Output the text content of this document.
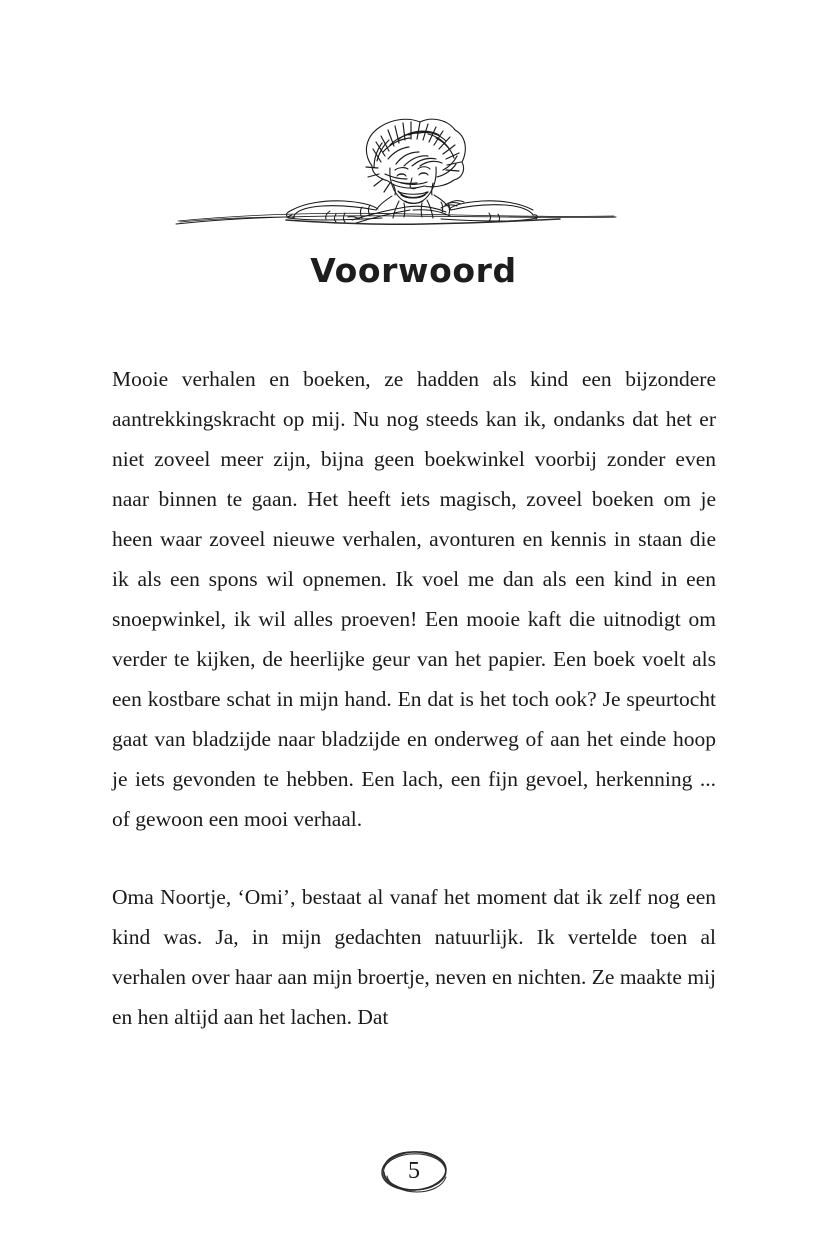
Voorwoord

Mooie verhalen en boeken, ze hadden als kind een bijzondere aantrekkingskracht op mij. Nu nog steeds kan ik, ondanks dat het er niet zoveel meer zijn, bijna geen boekwinkel voorbij zonder even naar binnen te gaan. Het heeft iets magisch, zoveel boeken om je heen waar zoveel nieuwe verhalen, avonturen en kennis in staan die ik als een spons wil opnemen. Ik voel me dan als een kind in een snoepwinkel, ik wil alles proeven! Een mooie kaft die uitnodigt om verder te kijken, de heerlijke geur van het papier. Een boek voelt als een kostbare schat in mijn hand. En dat is het toch ook? Je speurtocht gaat van bladzijde naar bladzijde en onderweg of aan het einde hoop je iets gevonden te hebben. Een lach, een fijn gevoel, herkenning ... of gewoon een mooi verhaal.

Oma Noortje, ‘Omi’, bestaat al vanaf het moment dat ik zelf nog een kind was. Ja, in mijn gedachten natuurlijk. Ik vertelde toen al verhalen over haar aan mijn broertje, neven en nichten. Ze maakte mij en hen altijd aan het lachen. Dat

5
